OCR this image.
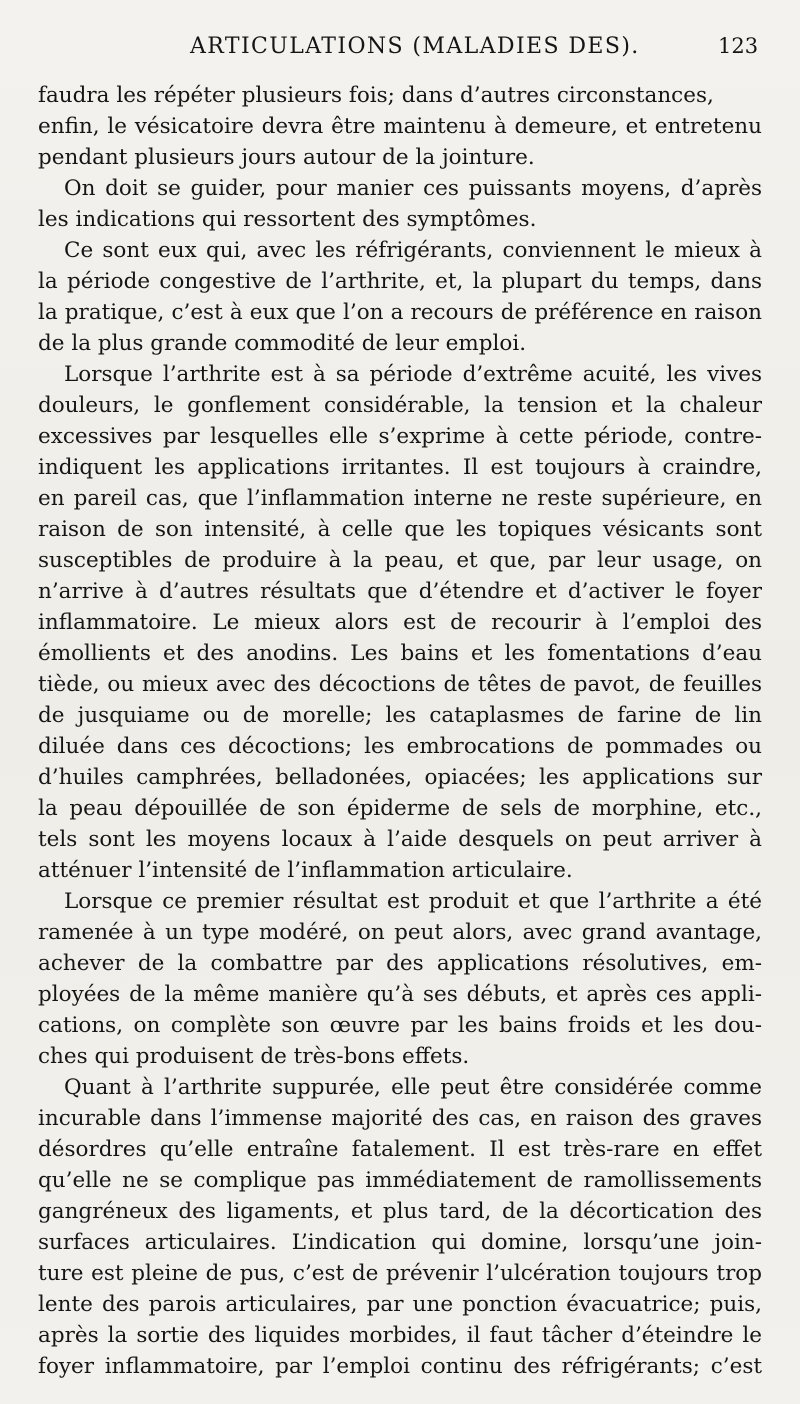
ARTICULATIONS (MALADIES DES).	123
faudra les répéter plusieurs fois; dans d’autres circonstances,
enfin, le vésicatoire devra être maintenu à demeure, et entretenu
pendant plusieurs jours autour de la jointure.
On doit se guider, pour manier ces puissants moyens, d’après
les indications qui ressortent des symptômes.
Ce sont eux qui, avec les réfrigérants, conviennent le mieux à
la période congestive de l’arthrite, et, la plupart du temps, dans
la pratique, c’est à eux que l’on a recours de préférence en raison
de la plus grande commodité de leur emploi.
Lorsque l’arthrite est à sa période d’extrême acuité, les vives
douleurs, le gonflement considérable, la tension et la chaleur
excessives par lesquelles elle s’exprime à cette période, contre-
indiquent les applications irritantes. Il est toujours à craindre,
en pareil cas, que l’inflammation interne ne reste supérieure, en
raison de son intensité, à celle que les topiques vésicants sont
susceptibles de produire à la peau, et que, par leur usage, on
n’arrive à d’autres résultats que d’étendre et d’activer le foyer
inflammatoire. Le mieux alors est de recourir à l’emploi des
émollients et des anodins. Les bains et les fomentations d’eau
tiède, ou mieux avec des décoctions de têtes de pavot, de feuilles
de jusquiame ou de morelle; les cataplasmes de farine de lin
diluée dans ces décoctions; les embrocations de pommades ou
d’huiles camphrées, belladonées, opiacées; les applications sur
la peau dépouillée de son épiderme de sels de morphine, etc.,
tels sont les moyens locaux à l’aide desquels on peut arriver à
atténuer l’intensité de l’inflammation articulaire.
Lorsque ce premier résultat est produit et que l’arthrite a été
ramenée à un type modéré, on peut alors, avec grand avantage,
achever de la combattre par des applications résolutives, em-
ployées de la même manière qu’à ses débuts, et après ces appli-
cations, on complète son œuvre par les bains froids et les dou-
ches qui produisent de très-bons effets.
Quant à l’arthrite suppurée, elle peut être considérée comme
incurable dans l’immense majorité des cas, en raison des graves
désordres qu’elle entraîne fatalement. Il est très-rare en effet
qu’elle ne se complique pas immédiatement de ramollissements
gangréneux des ligaments, et plus tard, de la décortication des
surfaces articulaires. L’indication qui domine, lorsqu’une join-
ture est pleine de pus, c’est de prévenir l’ulcération toujours trop
lente des parois articulaires, par une ponction évacuatrice; puis,
après la sortie des liquides morbides, il faut tâcher d’éteindre le
foyer inflammatoire, par l’emploi continu des réfrigérants; c’est
